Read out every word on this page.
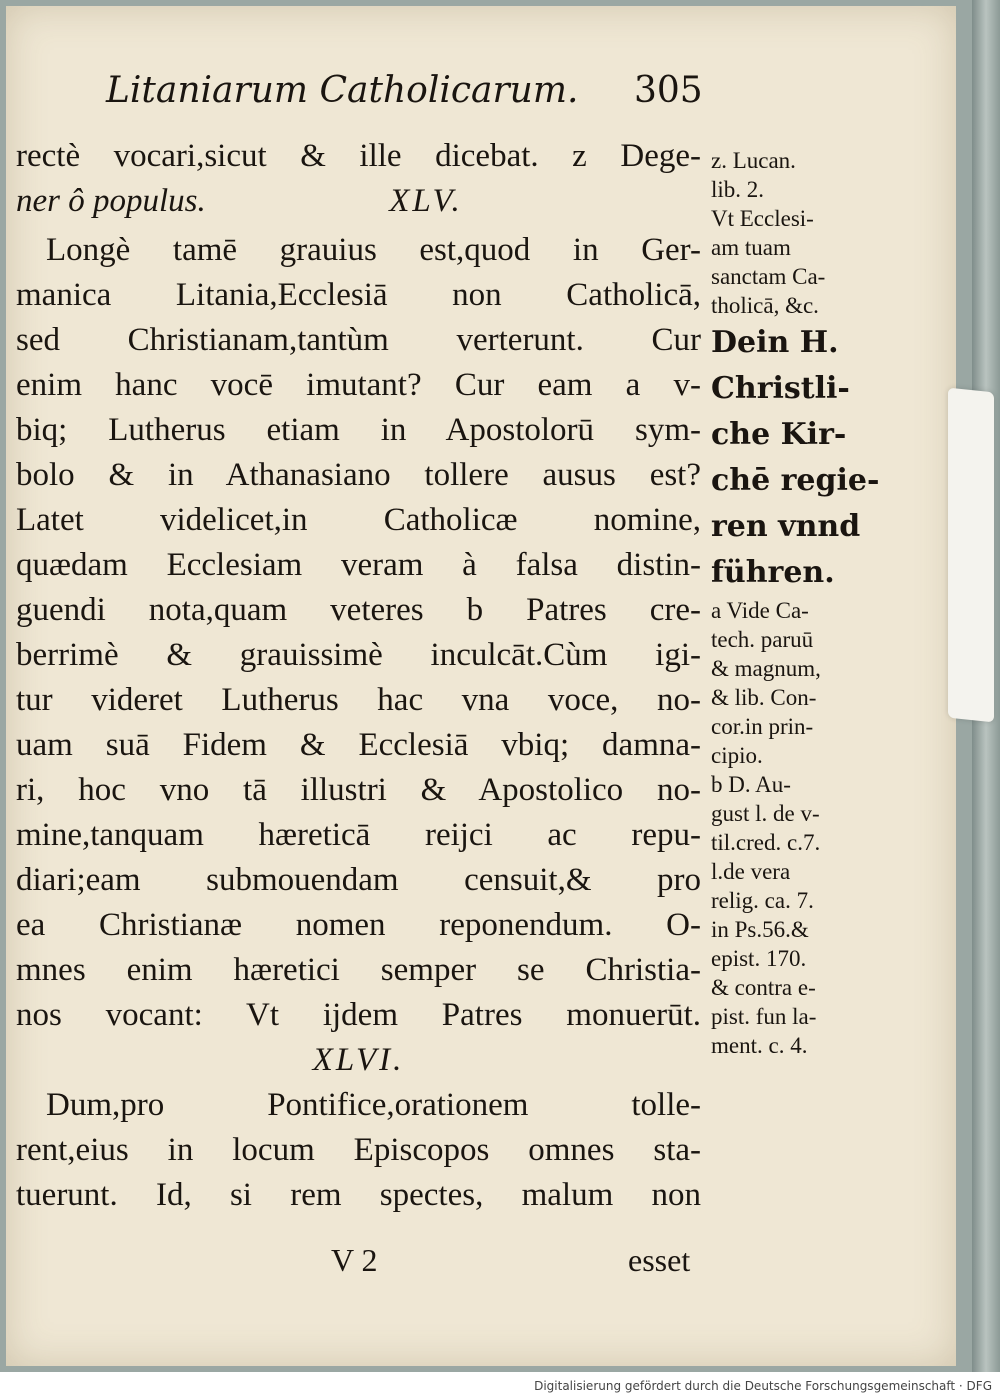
Litaniarum Catholicarum. 305
rectè vocari,sicut & ille dicebat. z Dege-
ner ô populus.	XLV.
Longè tamē grauius est,quod in Ger-
manica Litania,Ecclesiā non Catholicā,
sed Christianam,tantùm verterunt. Cur
enim hanc vocē imutant? Cur eam a v-
biq; Lutherus etiam in Apostolorū sym-
bolo & in Athanasiano tollere ausus est?
Latet videlicet,in Catholicæ nomine,
quædam Ecclesiam veram à falsa distin-
guendi nota,quam veteres b Patres cre-
berrimè & grauissimè inculcāt.Cùm igi-
tur videret Lutherus hac vna voce, no-
uam suā Fidem & Ecclesiā vbiq; damna-
ri, hoc vno tā illustri & Apostolico no-
mine,tanquam hæreticā reijci ac repu-
diari;eam submouendam censuit,& pro
ea Christianæ nomen reponendum. O-
mnes enim hæretici semper se Christia-
nos vocant: Vt ijdem Patres monuerūt.
XLVI.
Dum,pro Pontifice,orationem tolle-
rent,eius in locum Episcopos omnes sta-
tuerunt. Id, si rem spectes, malum non
z. Lucan.
lib. 2.
Vt Ecclesi-
am tuam
sanctam Ca-
tholicā, &c.
Dein H.
Christli-
che Kir-
chē regie-
ren vnnd
führen.
a Vide Ca-
tech. paruū
& magnum,
& lib. Con-
cor.in prin-
cipio.
b D. Au-
gust l. de v-
til.cred. c.7.
l.de vera
relig. ca. 7.
in Ps.56.&
epist. 170.
& contra e-
pist. fun la-
ment. c. 4.
V 2	esset
Digitalisierung gefördert durch die Deutsche Forschungsgemeinschaft · DFG
